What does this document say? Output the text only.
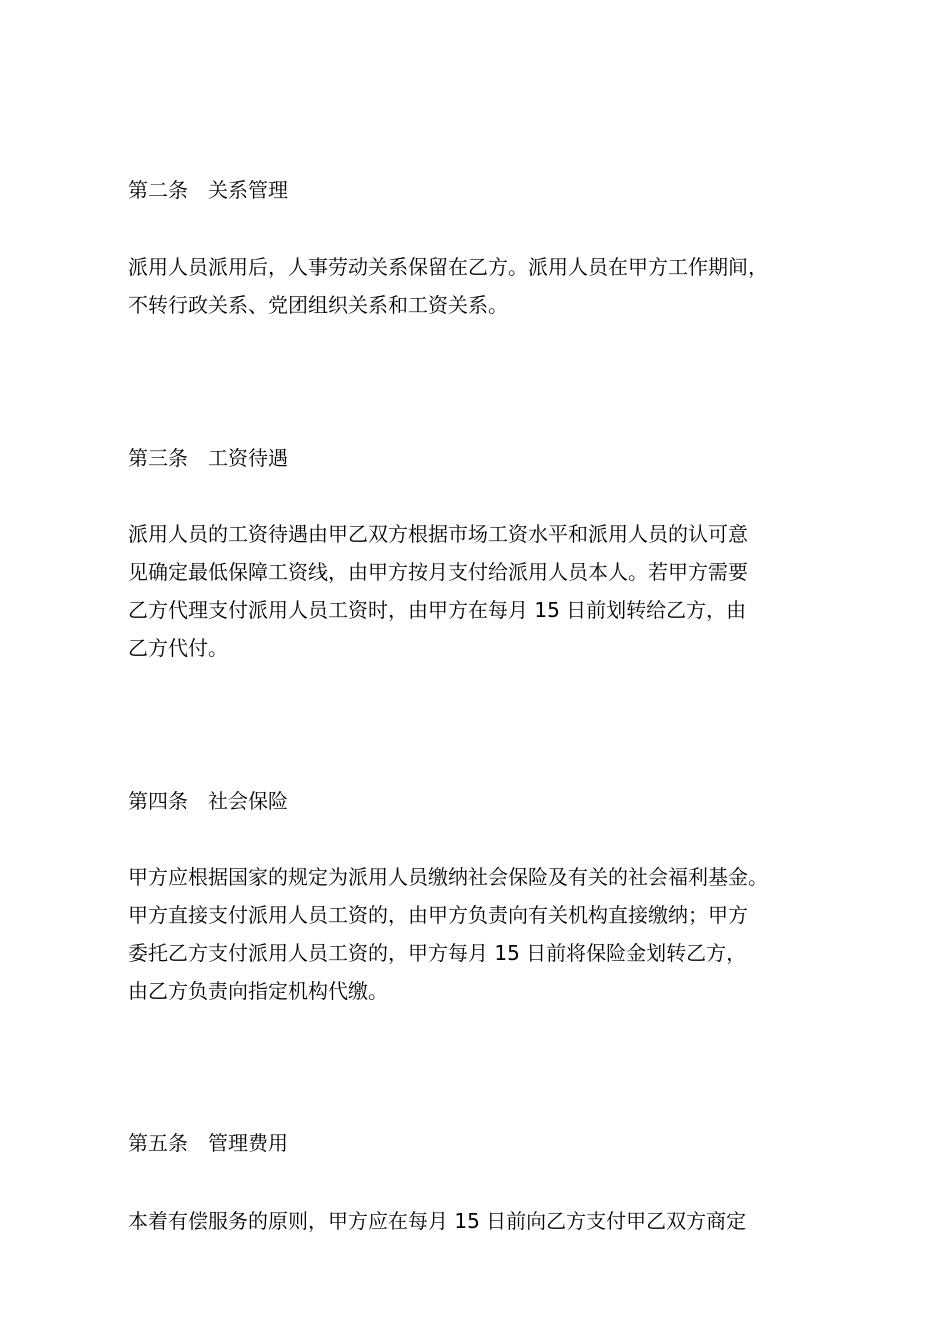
第二条　关系管理
派用人员派用后，人事劳动关系保留在乙方。派用人员在甲方工作期间，
不转行政关系、党团组织关系和工资关系。
第三条　工资待遇
派用人员的工资待遇由甲乙双方根据市场工资水平和派用人员的认可意
见确定最低保障工资线，由甲方按月支付给派用人员本人。若甲方需要
乙方代理支付派用人员工资时，由甲方在每月 15 日前划转给乙方，由
乙方代付。
第四条　社会保险
甲方应根据国家的规定为派用人员缴纳社会保险及有关的社会福利基金。
甲方直接支付派用人员工资的，由甲方负责向有关机构直接缴纳；甲方
委托乙方支付派用人员工资的，甲方每月 15 日前将保险金划转乙方，
由乙方负责向指定机构代缴。
第五条　管理费用
本着有偿服务的原则，甲方应在每月 15 日前向乙方支付甲乙双方商定
